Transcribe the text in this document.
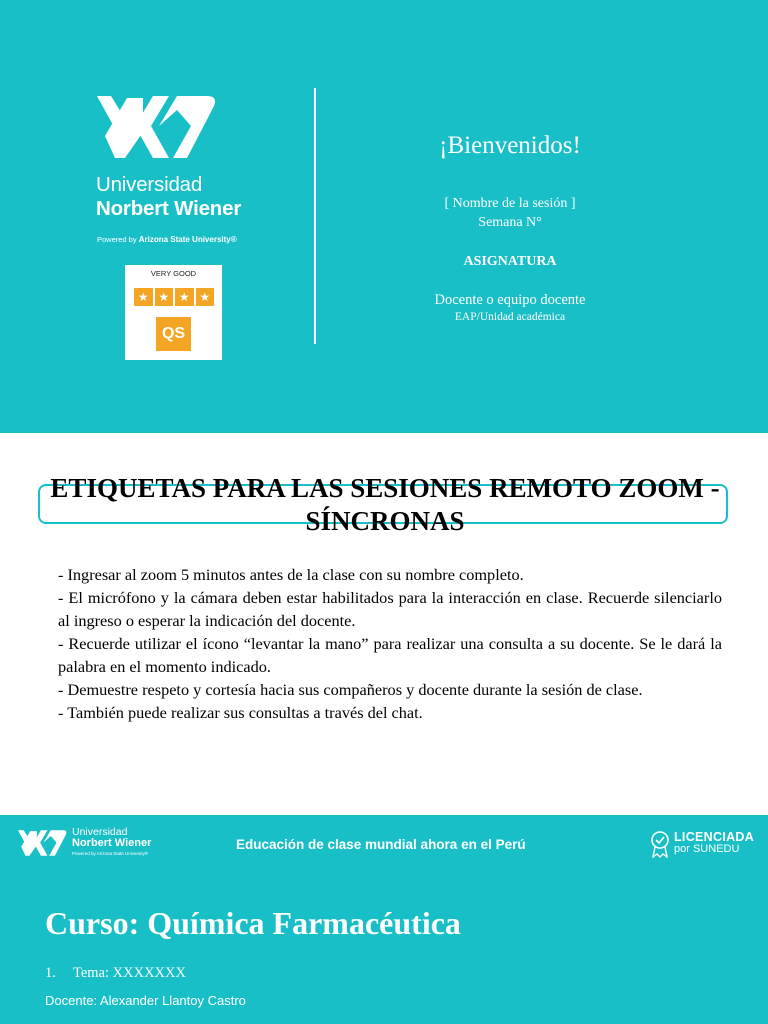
Universidad
Norbert Wiener
Powered by Arizona State University®
VERY GOOD
★ ★ ★ ★
QS
¡Bienvenidos!
[ Nombre de la sesión ]
Semana N°
ASIGNATURA
Docente o equipo docente
EAP/Unidad académica
ETIQUETAS PARA LAS SESIONES REMOTO ZOOM -SÍNCRONAS

- Ingresar al zoom 5 minutos antes de la clase con su nombre completo.

- El micrófono y la cámara deben estar habilitados para la interacción en clase. Recuerde silenciarlo al ingreso o esperar la indicación del docente.

- Recuerde utilizar el ícono “levantar la mano” para realizar una consulta a su docente. Se le dará la palabra en el momento indicado.

- Demuestre respeto y cortesía hacia sus compañeros y docente durante la sesión de clase.

- También puede realizar sus consultas a través del chat.

Universidad
Norbert Wiener
Powered by Arizona State University®
Educación de clase mundial ahora en el Perú	LICENCIADA
por SUNEDU
Curso: Química Farmacéutica
1. Tema: XXXXXXX
Docente: Alexander Llantoy Castro
